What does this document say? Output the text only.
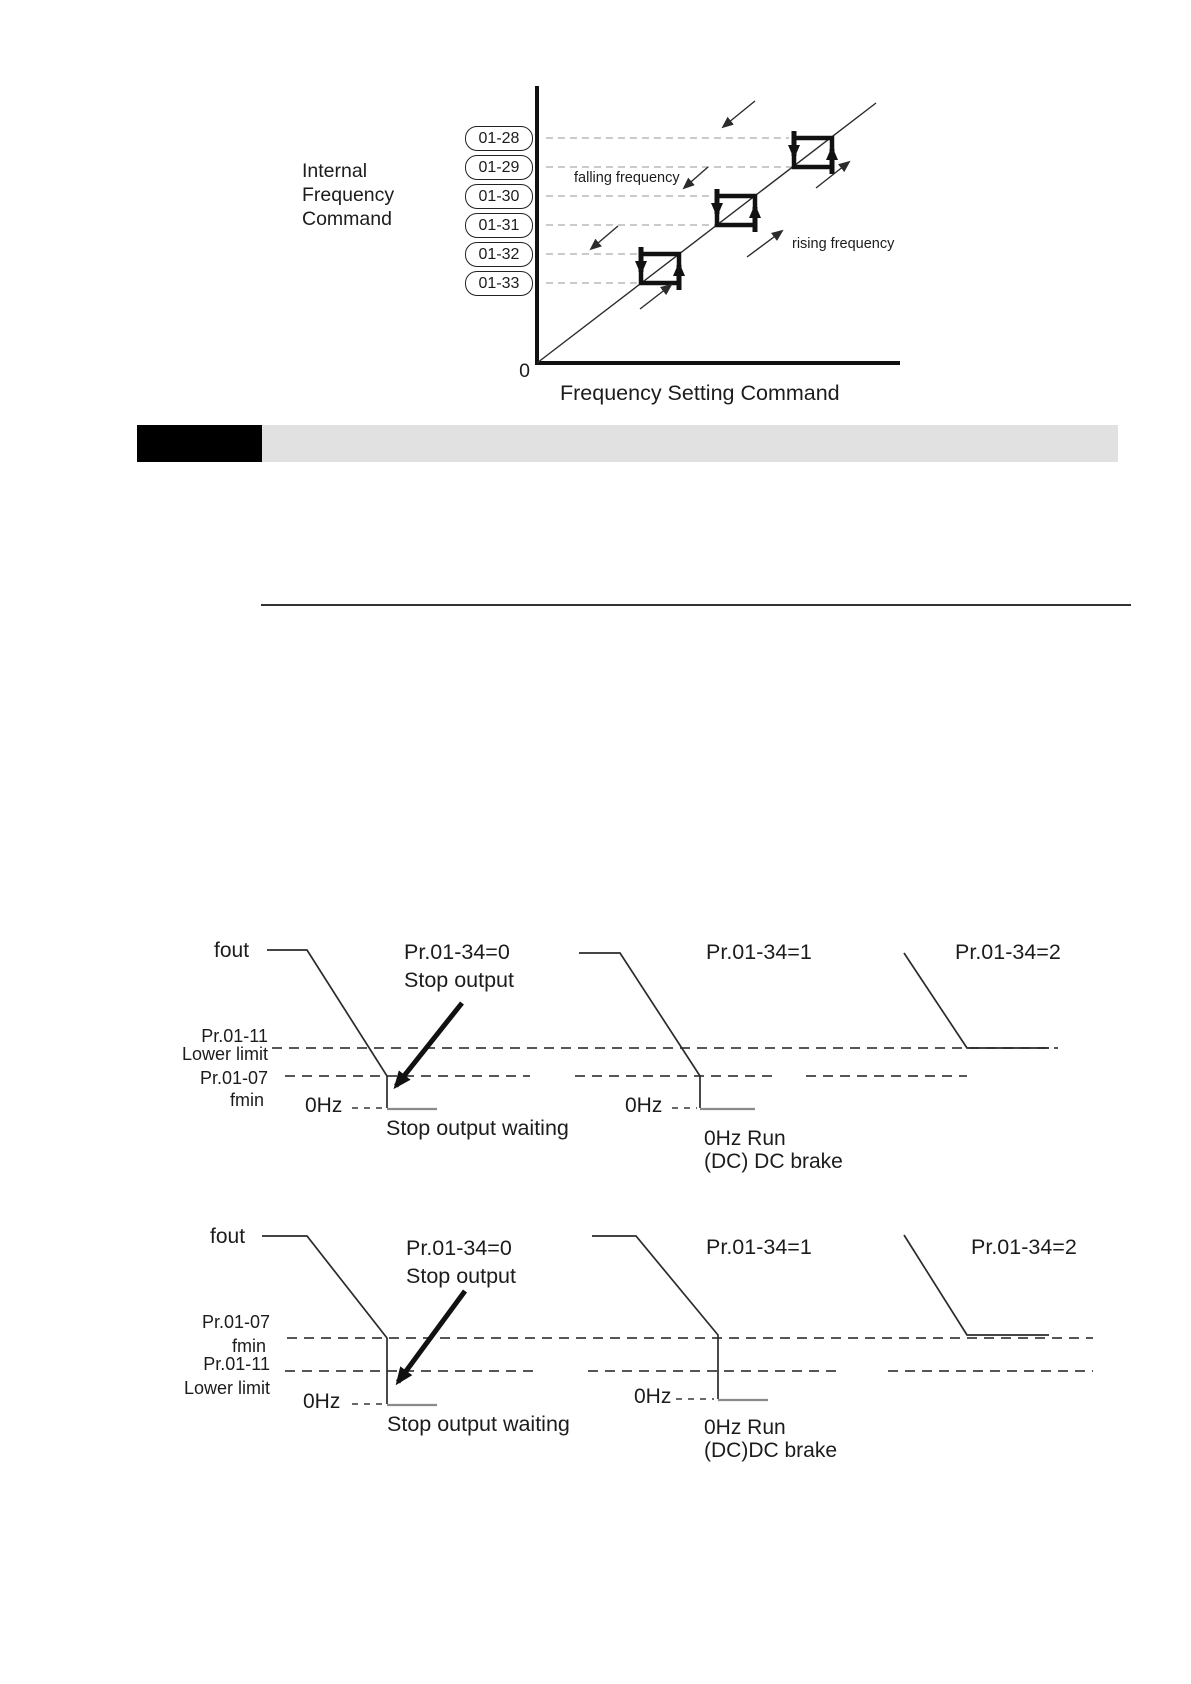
Internal
Frequency
Command
01-28
01-29
01-30
01-31
01-32
01-33
falling frequency
rising frequency
0
Frequency Setting Command
fout	Pr.01-34=0
Stop output
Pr.01-34=1	Pr.01-34=2
Pr.01-11
Lower limit
Pr.01-07
fmin 0Hz	0Hz
Stop output waiting	0Hz Run
(DC) DC brake
fout	Pr.01-34=0
Stop output
Pr.01-34=1	Pr.01-34=2
Pr.01-07
fmin
Pr.01-11
Lower limit
0Hz	0Hz
Stop output waiting	0Hz Run
(DC)DC brake
